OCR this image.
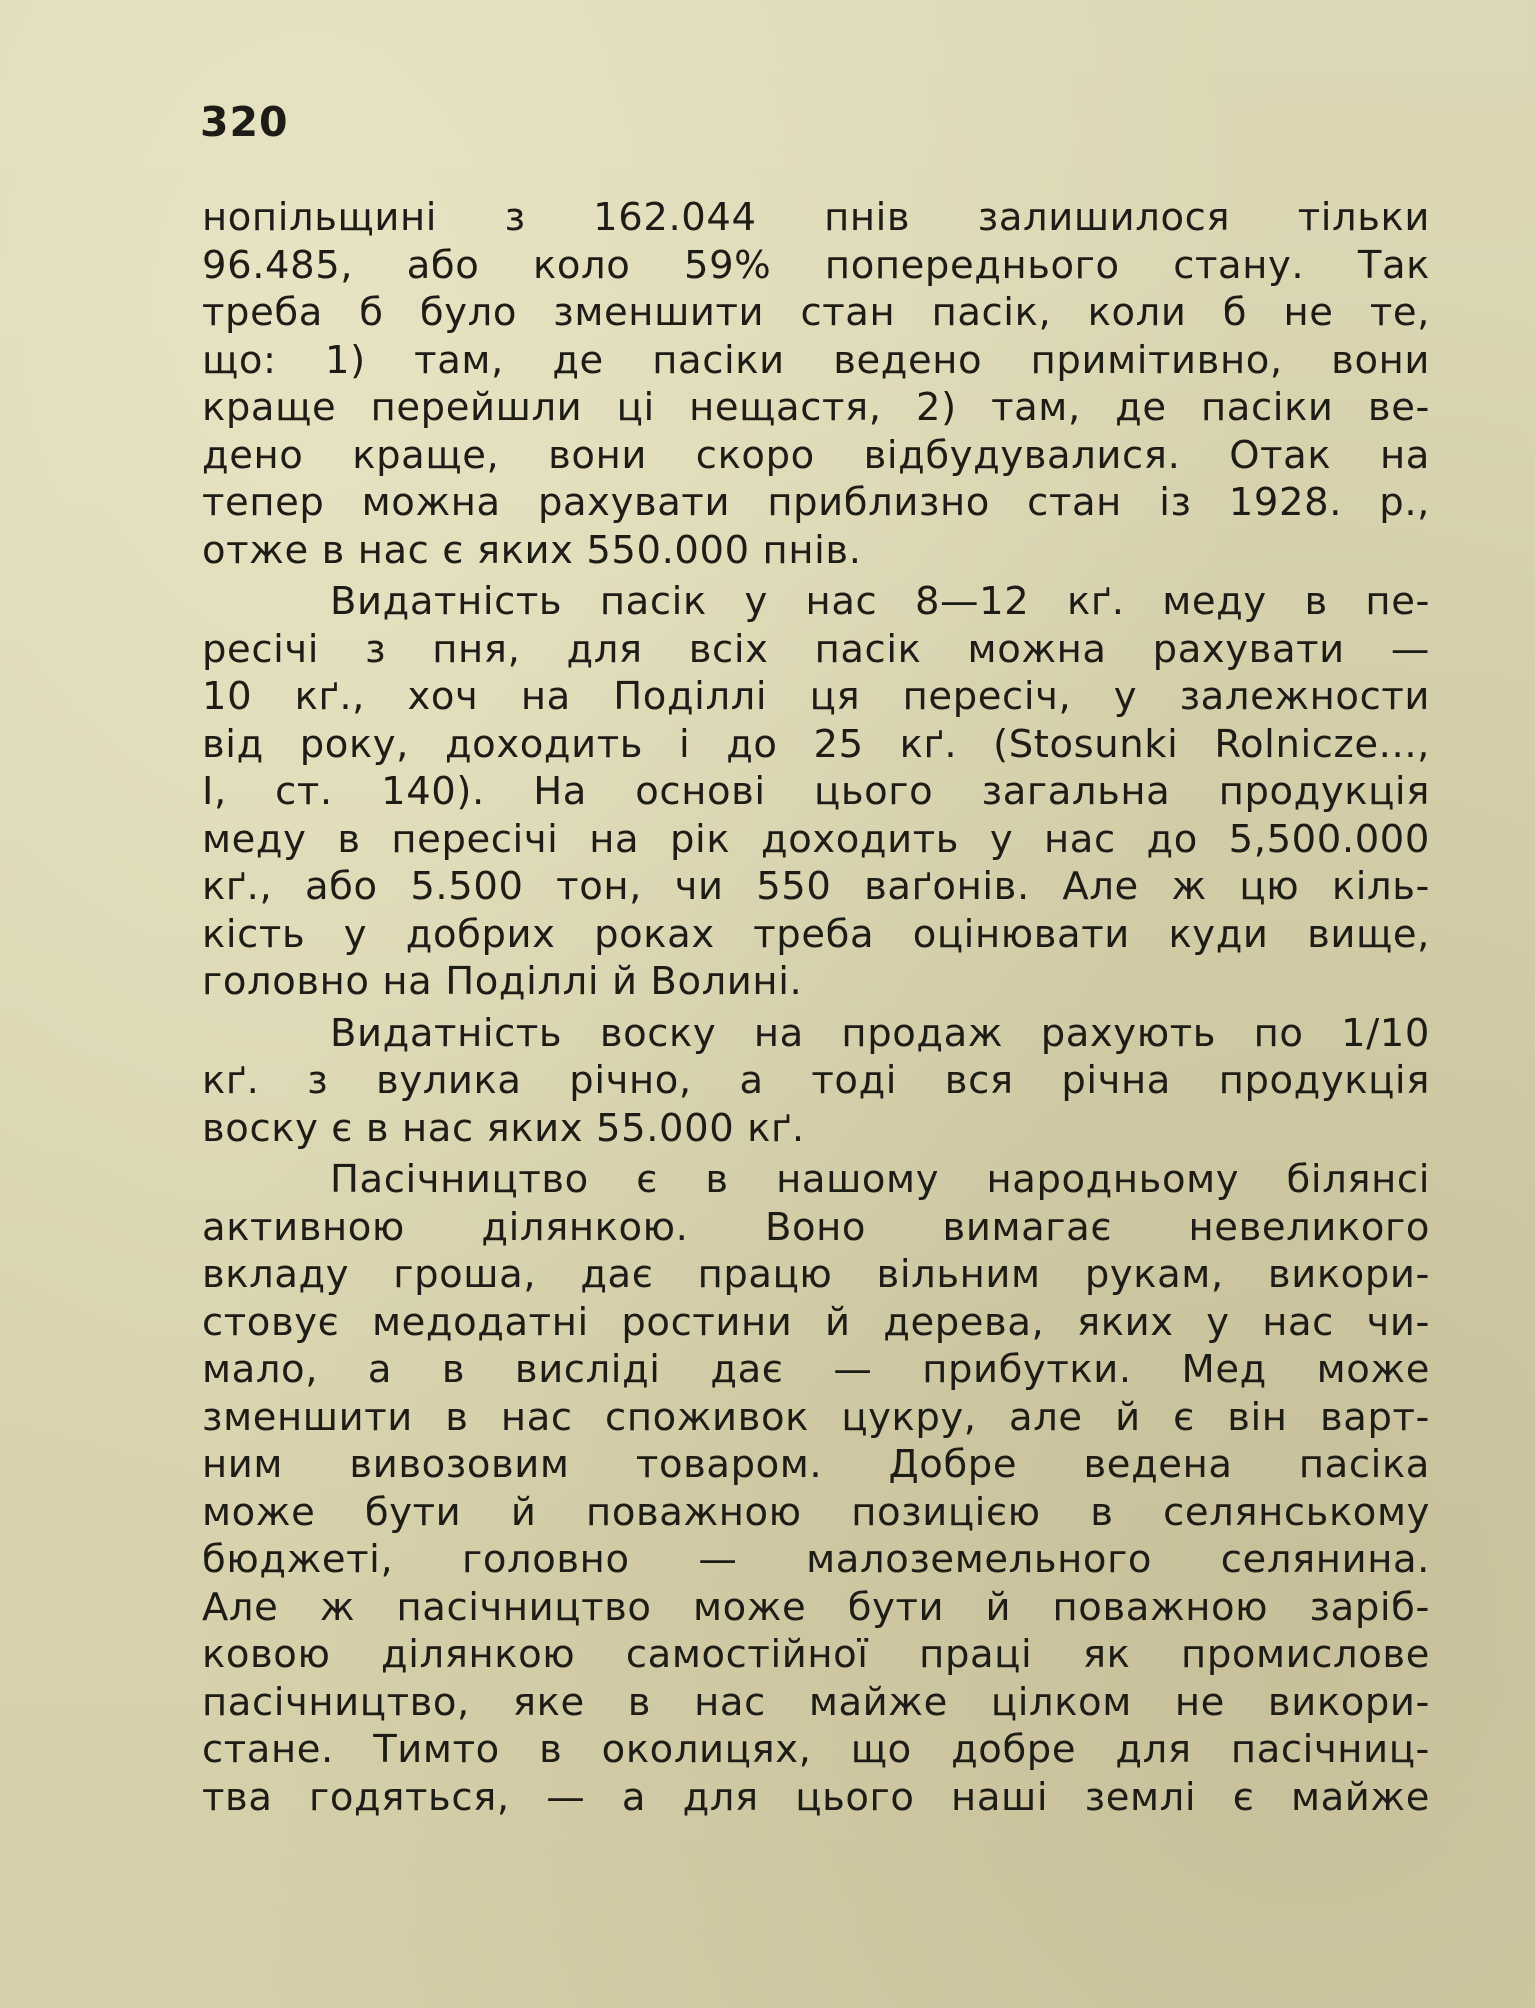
320
нопільщині з 162.044 пнів залишилося тільки
96.485, або коло 59% попереднього стану. Так
треба б було зменшити стан пасік, коли б не те,
що: 1) там, де пасіки ведено примітивно, вони
краще перейшли ці нещастя, 2) там, де пасіки ве-
дено краще, вони скоро відбудувалися. Отак на
тепер можна рахувати приблизно стан із 1928. р.,
отже в нас є яких 550.000 пнів.
Видатність пасік у нас 8—12 кґ. меду в пе-
ресічі з пня, для всіх пасік можна рахувати —
10 кґ., хоч на Поділлі ця пересіч, у залежности
від року, доходить і до 25 кґ. (Stosunki Rolnicze...,
I, ст. 140). На основі цього загальна продукція
меду в пересічі на рік доходить у нас до 5,500.000
кґ., або 5.500 тон, чи 550 ваґонів. Але ж цю кіль-
кість у добрих роках треба оцінювати куди вище,
головно на Поділлі й Волині.
Видатність воску на продаж рахують по 1/10
кґ. з вулика річно, а тоді вся річна продукція
воску є в нас яких 55.000 кґ.
Пасічництво є в нашому народньому білянсі
активною ділянкою. Воно вимагає невеликого
вкладу гроша, дає працю вільним рукам, викори-
стовує медодатні ростини й дерева, яких у нас чи-
мало, а в висліді дає — прибутки. Мед може
зменшити в нас споживок цукру, але й є він варт-
ним вивозовим товаром. Добре ведена пасіка
може бути й поважною позицією в селянському
бюджеті, головно — малоземельного селянина.
Але ж пасічництво може бути й поважною заріб-
ковою ділянкою самостійної праці як промислове
пасічництво, яке в нас майже цілком не викори-
стане. Тимто в околицях, що добре для пасічниц-
тва годяться, — а для цього наші землі є майже
